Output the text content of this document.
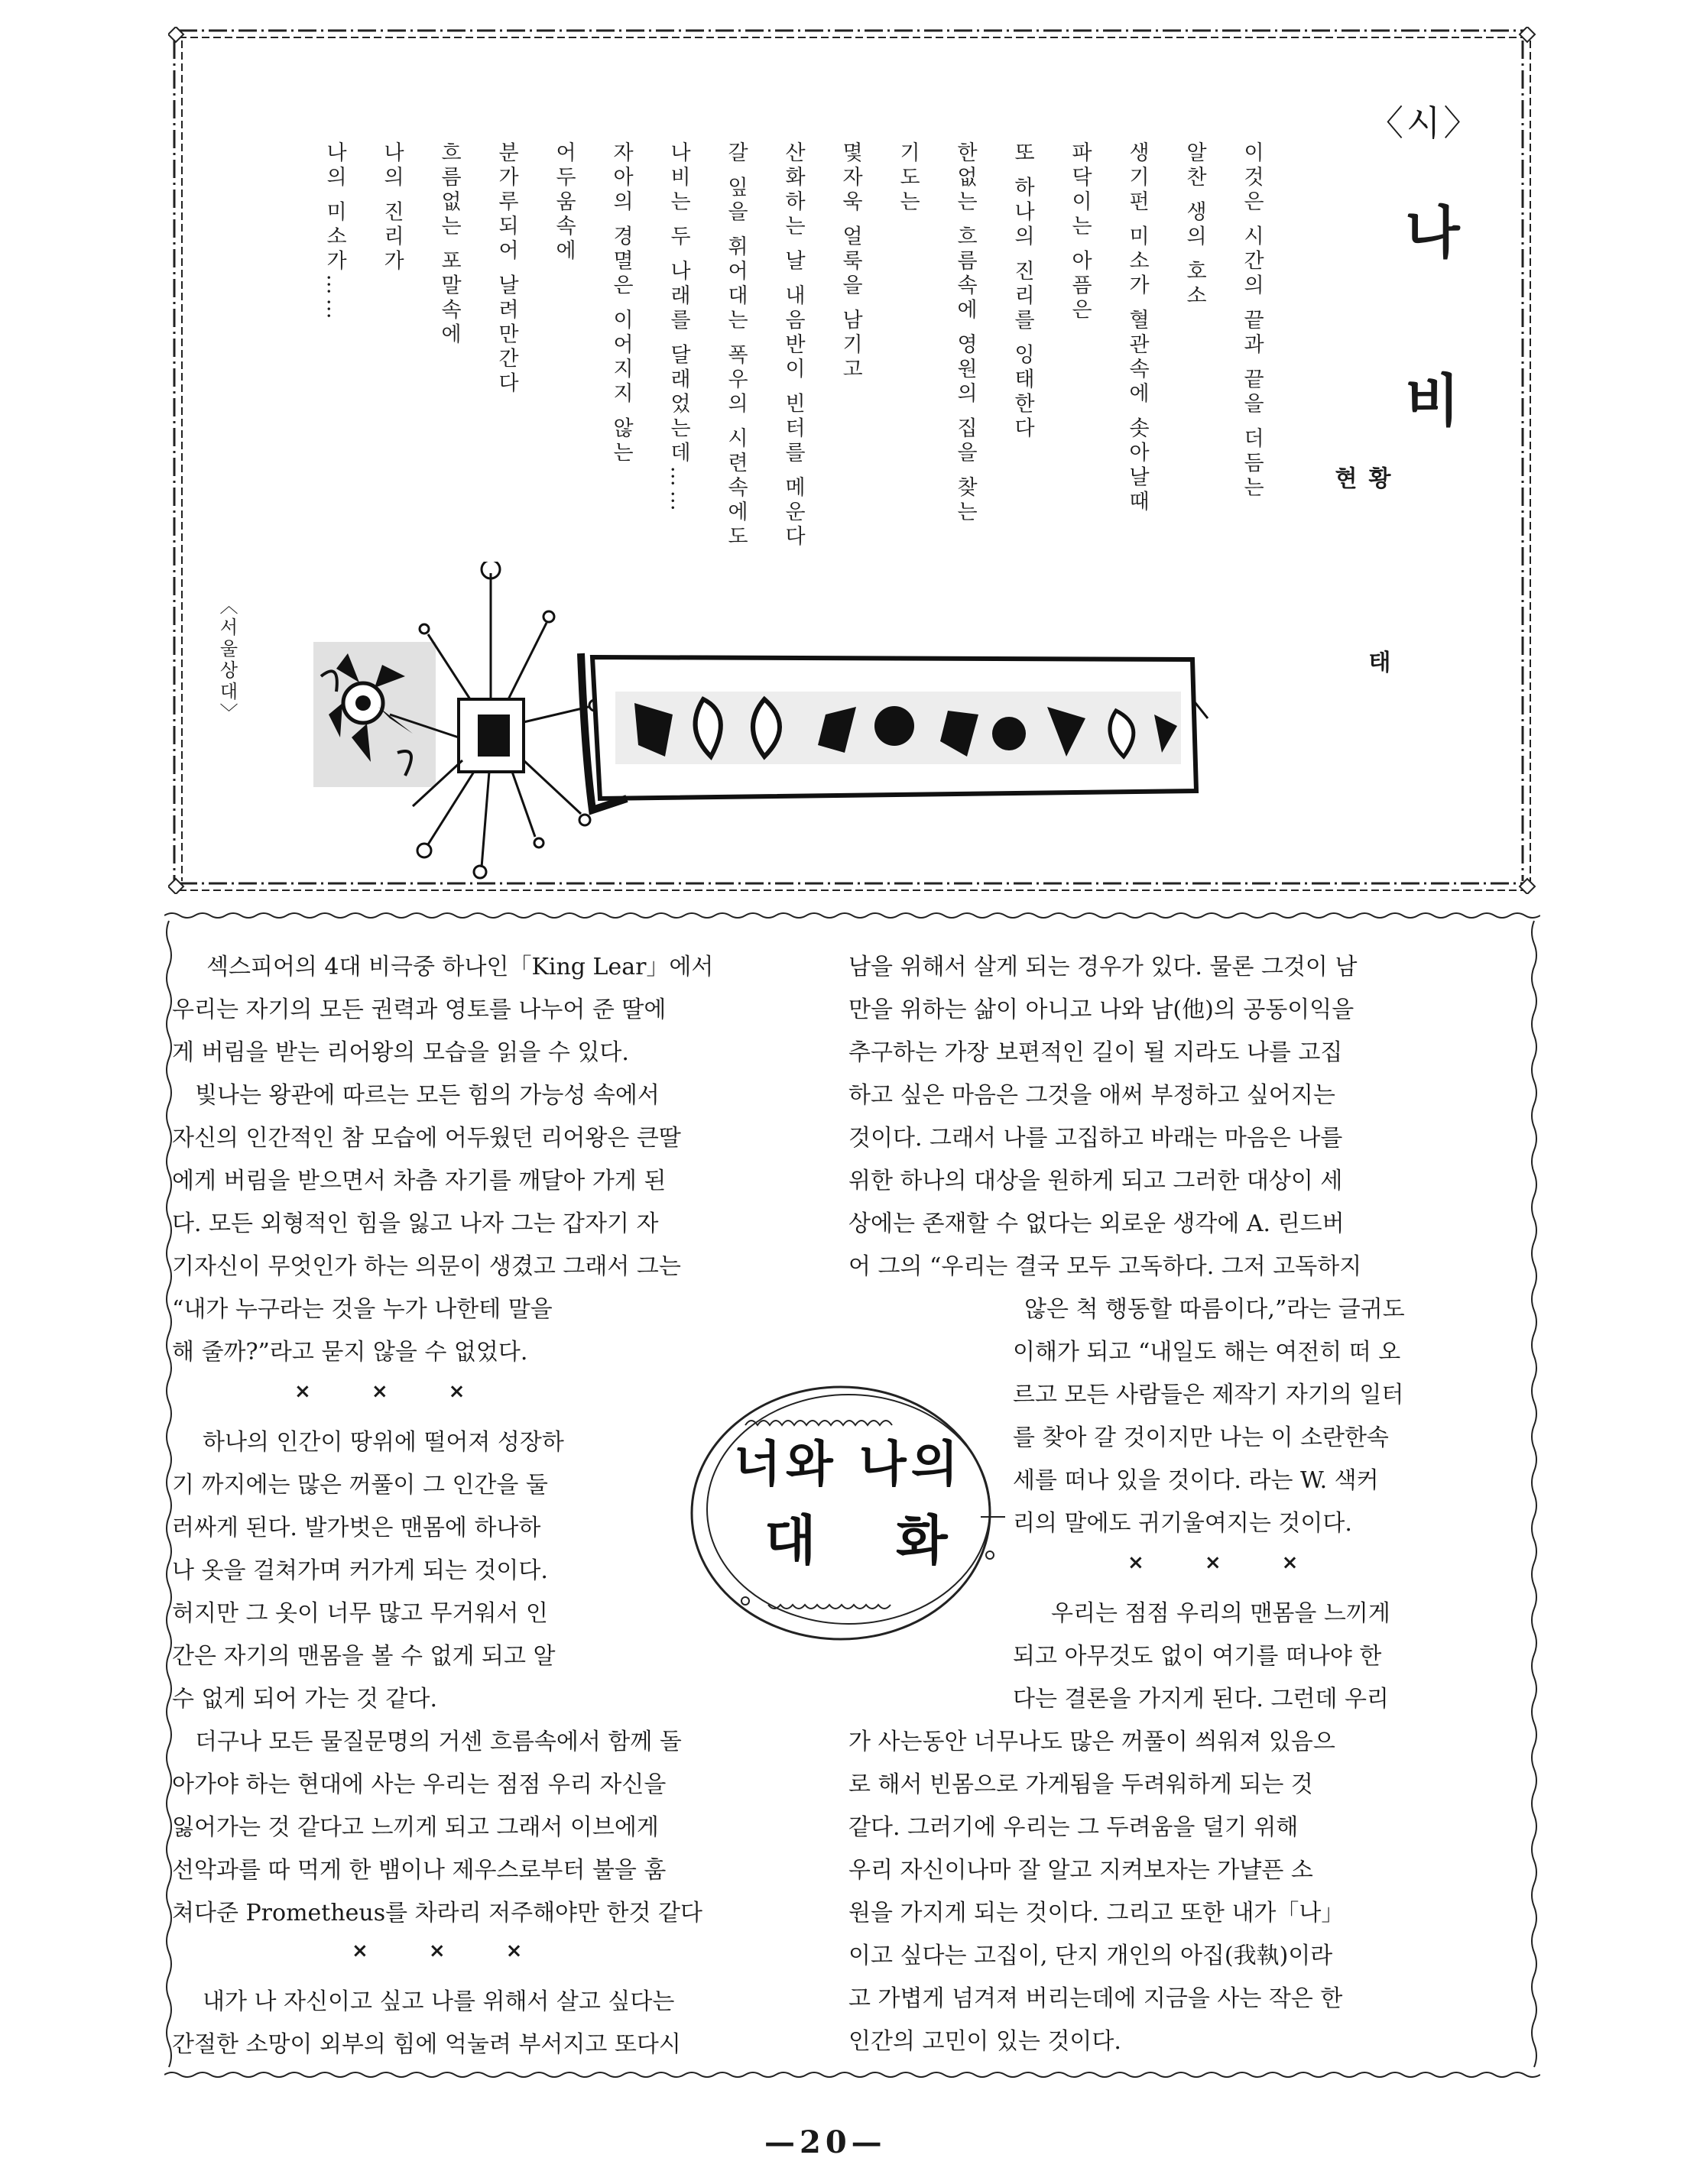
〈시〉
나 비
황 태 현
〈서울상대〉
이것은 시간의 끝과 끝을 더듬는
알찬 생의 호소
생기펀 미소가 혈관속에 솟아날때
파닥이는 아픔은
또 하나의 진리를 잉태한다
한없는 흐름속에 영원의 집을 찾는
기도는
몇자욱 얼룩을 남기고
산화하는 날 내음반이 빈터를 메운다
갈 잎을 휘어대는 폭우의 시련속에도
나비는 두 나래를 달래었는데……
자아의 경멸은 이어지지 않는
어두움속에
분가루되어 날려만간다
흐름없는 포말속에
나의 진리가
나의 미소가……
섹스피어의 4대 비극중 하나인「King Lear」에서
우리는 자기의 모든 권력과 영토를 나누어 준 딸에
게 버림을 받는 리어왕의 모습을 읽을 수 있다.
빛나는 왕관에 따르는 모든 힘의 가능성 속에서
자신의 인간적인 참 모습에 어두웠던 리어왕은 큰딸
에게 버림을 받으면서 차츰 자기를 깨달아 가게 된
다. 모든 외형적인 힘을 잃고 나자 그는 갑자기 자
기자신이 무엇인가 하는 의문이 생겼고 그래서 그는
“내가 누구라는 것을 누가 나한테 말을
해 줄까?”라고 묻지 않을 수 없었다.
× × ×
하나의 인간이 땅위에 떨어져 성장하
기 까지에는 많은 꺼풀이 그 인간을 둘
러싸게 된다. 발가벗은 맨몸에 하나하
나 옷을 걸쳐가며 커가게 되는 것이다.
허지만 그 옷이 너무 많고 무거워서 인
간은 자기의 맨몸을 볼 수 없게 되고 알
수 없게 되어 가는 것 같다.
더구나 모든 물질문명의 거센 흐름속에서 함께 돌
아가야 하는 현대에 사는 우리는 점점 우리 자신을
잃어가는 것 같다고 느끼게 되고 그래서 이브에게
선악과를 따 먹게 한 뱀이나 제우스로부터 불을 훔
쳐다준 Prometheus를 차라리 저주해야만 한것 같다
× × ×
내가 나 자신이고 싶고 나를 위해서 살고 싶다는
간절한 소망이 외부의 힘에 억눌려 부서지고 또다시
남을 위해서 살게 되는 경우가 있다. 물론 그것이 남
만을 위하는 삶이 아니고 나와 남(他)의 공동이익을
추구하는 가장 보편적인 길이 될 지라도 나를 고집
하고 싶은 마음은 그것을 애써 부정하고 싶어지는
것이다. 그래서 나를 고집하고 바래는 마음은 나를
위한 하나의 대상을 원하게 되고 그러한 대상이 세
상에는 존재할 수 없다는 외로운 생각에 A. 린드버
어 그의 “우리는 결국 모두 고독하다. 그저 고독하지
않은 척 행동할 따름이다,”라는 글귀도
이해가 되고 “내일도 해는 여전히 떠 오
르고 모든 사람들은 제작기 자기의 일터
를 찾아 갈 것이지만 나는 이 소란한속
세를 떠나 있을 것이다. 라는 W. 색커
리의 말에도 귀기울여지는 것이다.
× × ×
우리는 점점 우리의 맨몸을 느끼게
되고 아무것도 없이 여기를 떠나야 한
다는 결론을 가지게 된다. 그런데 우리
가 사는동안 너무나도 많은 꺼풀이 씌워져 있음으
로 해서 빈몸으로 가게됨을 두려워하게 되는 것
같다. 그러기에 우리는 그 두려움을 덜기 위해
우리 자신이나마 잘 알고 지켜보자는 가냘픈 소
원을 가지게 되는 것이다. 그리고 또한 내가「나」
이고 싶다는 고집이, 단지 개인의 아집(我執)이라
고 가볍게 넘겨져 버리는데에 지금을 사는 작은 한
인간의 고민이 있는 것이다.
너와 나의
대 화
—20—
